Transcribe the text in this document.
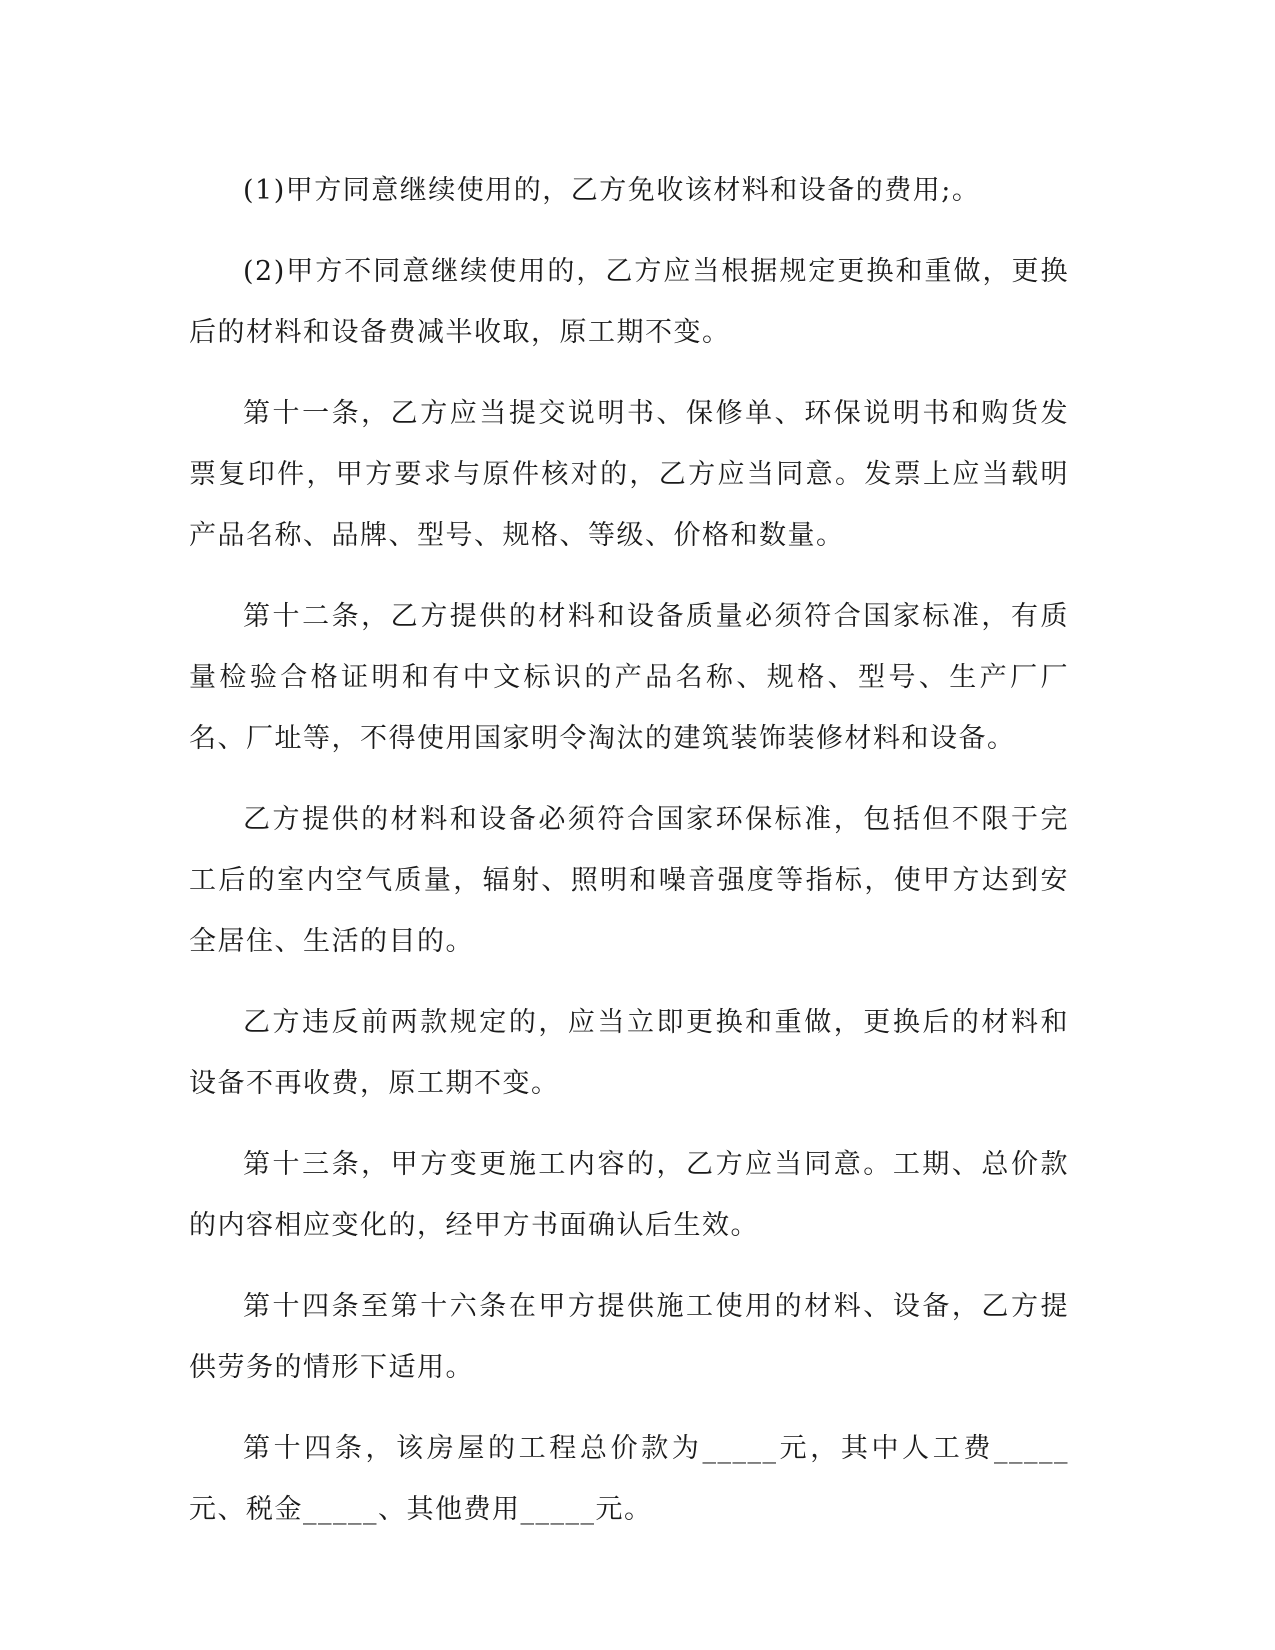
(1)甲方同意继续使用的，乙方免收该材料和设备的费用;。

(2)甲方不同意继续使用的，乙方应当根据规定更换和重做，更换后的材料和设备费减半收取，原工期不变。

第十一条，乙方应当提交说明书、保修单、环保说明书和购货发票复印件，甲方要求与原件核对的，乙方应当同意。发票上应当载明产品名称、品牌、型号、规格、等级、价格和数量。

第十二条，乙方提供的材料和设备质量必须符合国家标准，有质量检验合格证明和有中文标识的产品名称、规格、型号、生产厂厂名、厂址等，不得使用国家明令淘汰的建筑装饰装修材料和设备。

乙方提供的材料和设备必须符合国家环保标准，包括但不限于完工后的室内空气质量，辐射、照明和噪音强度等指标，使甲方达到安全居住、生活的目的。

乙方违反前两款规定的，应当立即更换和重做，更换后的材料和设备不再收费，原工期不变。

第十三条，甲方变更施工内容的，乙方应当同意。工期、总价款的内容相应变化的，经甲方书面确认后生效。

第十四条至第十六条在甲方提供施工使用的材料、设备，乙方提供劳务的情形下适用。

第十四条，该房屋的工程总价款为_____元，其中人工费_____元、税金_____、其他费用_____元。
